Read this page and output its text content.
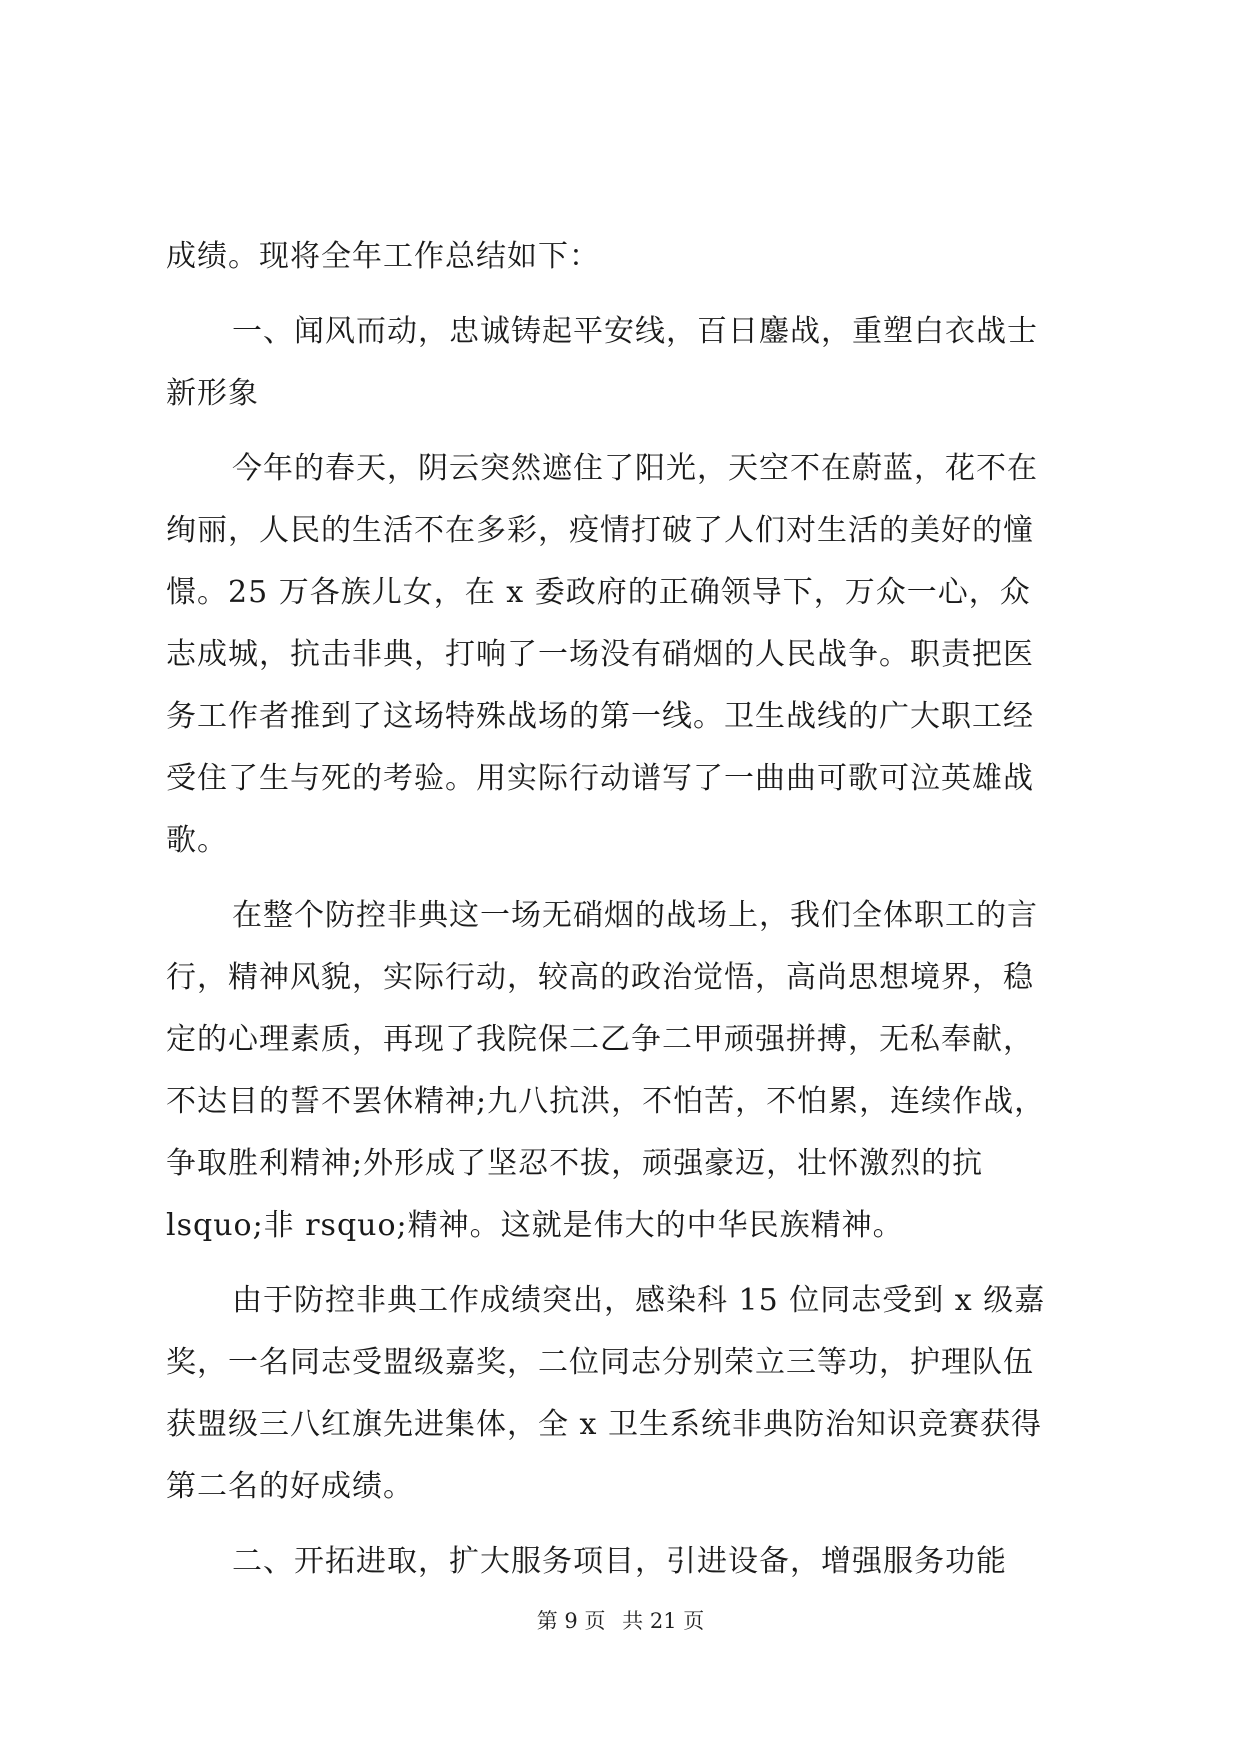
成绩。现将全年工作总结如下：
一、闻风而动，忠诚铸起平安线，百日鏖战，重塑白衣战士
新形象
今年的春天，阴云突然遮住了阳光，天空不在蔚蓝，花不在
绚丽，人民的生活不在多彩，疫情打破了人们对生活的美好的憧
憬。25 万各族儿女，在 x 委政府的正确领导下，万众一心，众
志成城，抗击非典，打响了一场没有硝烟的人民战争。职责把医
务工作者推到了这场特殊战场的第一线。卫生战线的广大职工经
受住了生与死的考验。用实际行动谱写了一曲曲可歌可泣英雄战
歌。
在整个防控非典这一场无硝烟的战场上，我们全体职工的言
行，精神风貌，实际行动，较高的政治觉悟，高尚思想境界，稳
定的心理素质，再现了我院保二乙争二甲顽强拼搏，无私奉献，
不达目的誓不罢休精神;九八抗洪，不怕苦，不怕累，连续作战，
争取胜利精神;外形成了坚忍不拔，顽强豪迈，壮怀激烈的抗
lsquo;非 rsquo;精神。这就是伟大的中华民族精神。
由于防控非典工作成绩突出，感染科 15 位同志受到 x 级嘉
奖，一名同志受盟级嘉奖，二位同志分别荣立三等功，护理队伍
获盟级三八红旗先进集体，全 x 卫生系统非典防治知识竞赛获得
第二名的好成绩。
二、开拓进取，扩大服务项目，引进设备，增强服务功能
第 9 页 共 21 页
